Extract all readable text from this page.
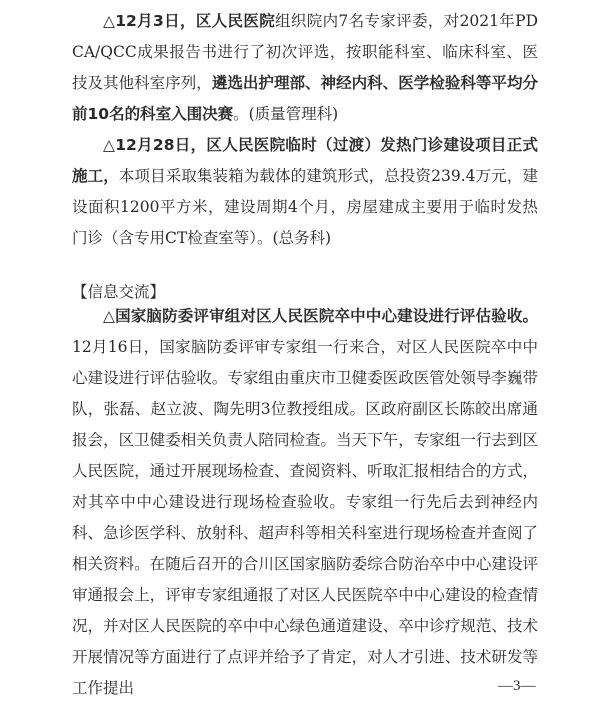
△12月3日，区人民医院组织院内7名专家评委，对2021年PDCA/QCC成果报告书进行了初次评选，按职能科室、临床科室、医技及其他科室序列，遴选出护理部、神经内科、医学检验科等平均分前10名的科室入围决赛。(质量管理科)

△12月28日，区人民医院临时（过渡）发热门诊建设项目正式施工，本项目采取集装箱为载体的建筑形式，总投资239.4万元，建设面积1200平方米，建设周期4个月，房屋建成主要用于临时发热门诊（含专用CT检查室等）。(总务科)

【信息交流】

△国家脑防委评审组对区人民医院卒中中心建设进行评估验收。12月16日，国家脑防委评审专家组一行来合，对区人民医院卒中中心建设进行评估验收。专家组由重庆市卫健委医政医管处领导李巍带队，张磊、赵立波、陶先明3位教授组成。区政府副区长陈皎出席通报会，区卫健委相关负责人陪同检查。当天下午，专家组一行去到区人民医院，通过开展现场检查、查阅资料、听取汇报相结合的方式，对其卒中中心建设进行现场检查验收。专家组一行先后去到神经内科、急诊医学科、放射科、超声科等相关科室进行现场检查并查阅了相关资料。在随后召开的合川区国家脑防委综合防治卒中中心建设评审通报会上，评审专家组通报了对区人民医院卒中中心建设的检查情况，并对区人民医院的卒中中心绿色通道建设、卒中诊疗规范、技术开展情况等方面进行了点评并给予了肯定，对人才引进、技术研发等工作提出	—3—
